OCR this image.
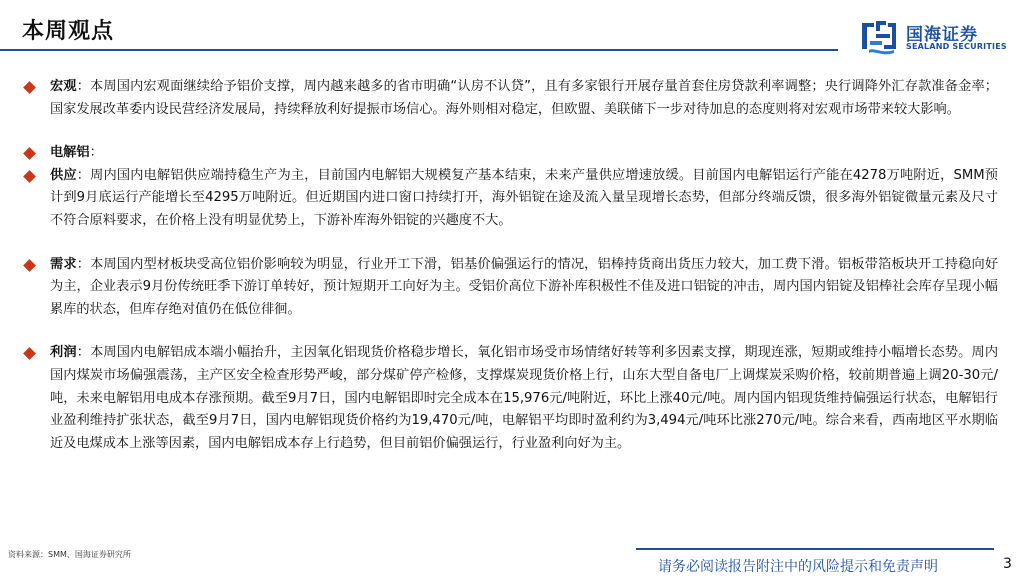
本周观点	国海证券
SEALAND SECURITIES
宏观：本周国内宏观面继续给予铝价支撑，周内越来越多的省市明确“认房不认贷”，且有多家银行开展存量首套住房贷款利率调整；央行调降外汇存款准备金率；国家发展改革委内设民营经济发展局，持续释放利好提振市场信心。海外则相对稳定，但欧盟、美联储下一步对待加息的态度则将对宏观市场带来较大影响。
电解铝：
供应：周内国内电解铝供应端持稳生产为主，目前国内电解铝大规模复产基本结束，未来产量供应增速放缓。目前国内电解铝运行产能在4278万吨附近，SMM预计到9月底运行产能增长至4295万吨附近。但近期国内进口窗口持续打开，海外铝锭在途及流入量呈现增长态势，但部分终端反馈，很多海外铝锭微量元素及尺寸不符合原料要求，在价格上没有明显优势上，下游补库海外铝锭的兴趣度不大。
需求：本周国内型材板块受高位铝价影响较为明显，行业开工下滑，铝基价偏强运行的情况，铝棒持货商出货压力较大，加工费下滑。铝板带箔板块开工持稳向好为主，企业表示9月份传统旺季下游订单转好，预计短期开工向好为主。受铝价高位下游补库积极性不佳及进口铝锭的冲击，周内国内铝锭及铝棒社会库存呈现小幅累库的状态，但库存绝对值仍在低位徘徊。
利润：本周国内电解铝成本端小幅抬升，主因氧化铝现货价格稳步增长，氧化铝市场受市场情绪好转等利多因素支撑，期现连涨，短期或维持小幅增长态势。周内国内煤炭市场偏强震荡，主产区安全检查形势严峻，部分煤矿停产检修，支撑煤炭现货价格上行，山东大型自备电厂上调煤炭采购价格，较前期普遍上调20-30元/吨，未来电解铝用电成本存涨预期。截至9月7日，国内电解铝即时完全成本在15,976元/吨附近，环比上涨40元/吨。周内国内铝现货维持偏强运行状态，电解铝行业盈利维持扩张状态，截至9月7日，国内电解铝现货价格约为19,470元/吨，电解铝平均即时盈利约为3,494元/吨环比涨270元/吨。综合来看，西南地区平水期临近及电煤成本上涨等因素，国内电解铝成本存上行趋势，但目前铝价偏强运行，行业盈利向好为主。
资料来源：SMM、国海证券研究所
请务必阅读报告附注中的风险提示和免责声明	3
